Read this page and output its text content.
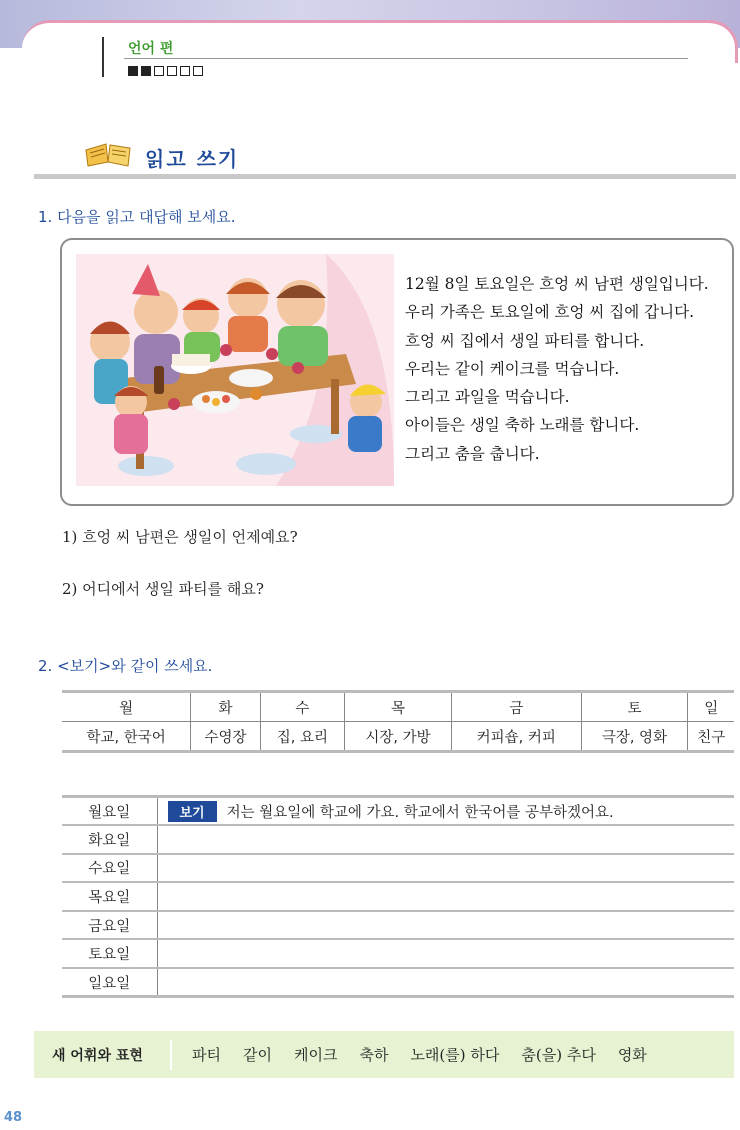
언어 편
읽고 쓰기
1. 다음을 읽고 대답해 보세요.
12월 8일 토요일은 흐엉 씨 남편 생일입니다.
우리 가족은 토요일에 흐엉 씨 집에 갑니다.
흐엉 씨 집에서 생일 파티를 합니다.
우리는 같이 케이크를 먹습니다.
그리고 과일을 먹습니다.
아이들은 생일 축하 노래를 합니다.
그리고 춤을 춥니다.
1) 흐엉 씨 남편은 생일이 언제예요?
2) 어디에서 생일 파티를 해요?
2. <보기>와 같이 쓰세요.
월	화	수	목	금	토	일
학교, 한국어	수영장	집, 요리	시장, 가방	커피숍, 커피	극장, 영화	친구
월요일	보기 저는 월요일에 학교에 가요. 학교에서 한국어를 공부하겠어요.
화요일	
수요일	
목요일	
금요일	
토요일	
일요일	
새 어휘와 표현	파티 같이 케이크 축하 노래(를) 하다 춤(을) 추다 영화
48
